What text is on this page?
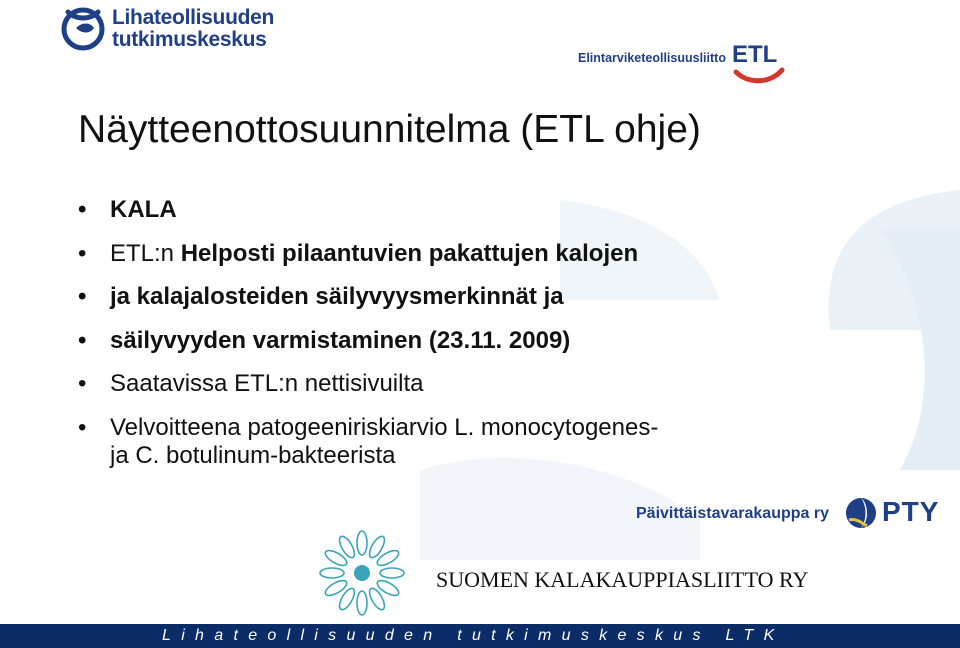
Lihateollisuuden
tutkimuskeskus
Elintarviketeollisuusliitto ETL
Näytteenottosuunnitelma (ETL ohje)
• KALA
• ETL:n Helposti pilaantuvien pakattujen kalojen
• ja kalajalosteiden säilyvyysmerkinnät ja
• säilyvyyden varmistaminen (23.11. 2009)
• Saatavissa ETL:n nettisivuilta
• Velvoitteena patogeeniriskiarvio L. monocytogenes-
ja C. botulinum-bakteerista
Päivittäistavarakauppa ry PTY
SUOMEN KALAKAUPPIASLIITTO RY
Lihateollisuuden tutkimuskeskus LTK
